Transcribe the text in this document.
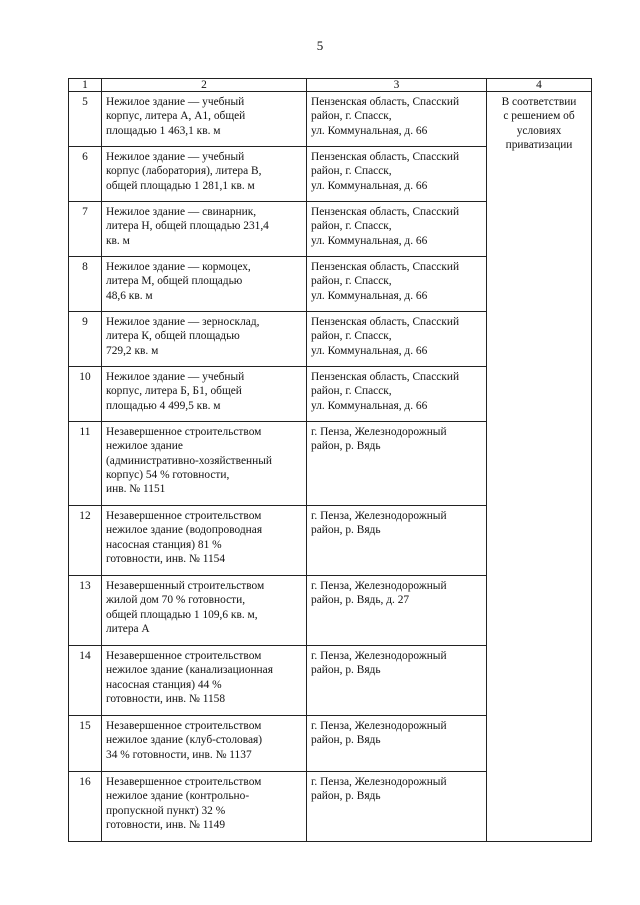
5
1	2	3	4
5	Нежилое здание — учебный
корпус, литера А, А1, общей
площадью 1 463,1 кв. м	Пензенская область, Спасский
район, г. Спасск,
ул. Коммунальная, д. 66	В соответствии
с решением об
условиях
приватизации

6	Нежилое здание — учебный
корпус (лаборатория), литера В,
общей площадью 1 281,1 кв. м	Пензенская область, Спасский
район, г. Спасск,
ул. Коммунальная, д. 66	

7	Нежилое здание — свинарник,
литера Н, общей площадью 231,4
кв. м	Пензенская область, Спасский
район, г. Спасск,
ул. Коммунальная, д. 66	

8	Нежилое здание — кормоцех,
литера М, общей площадью
48,6 кв. м	Пензенская область, Спасский
район, г. Спасск,
ул. Коммунальная, д. 66	

9	Нежилое здание — зерносклад,
литера К, общей площадью
729,2 кв. м	Пензенская область, Спасский
район, г. Спасск,
ул. Коммунальная, д. 66	

10	Нежилое здание — учебный
корпус, литера Б, Б1, общей
площадью 4 499,5 кв. м	Пензенская область, Спасский
район, г. Спасск,
ул. Коммунальная, д. 66	

11	Незавершенное строительством
нежилое здание
(административно-хозяйственный
корпус) 54 % готовности,
инв. № 1151	г. Пенза, Железнодорожный
район, р. Вядь	

12	Незавершенное строительством
нежилое здание (водопроводная
насосная станция) 81 %
готовности, инв. № 1154	г. Пенза, Железнодорожный
район, р. Вядь	

13	Незавершенный строительством
жилой дом 70 % готовности,
общей площадью 1 109,6 кв. м,
литера А	г. Пенза, Железнодорожный
район, р. Вядь, д. 27	

14	Незавершенное строительством
нежилое здание (канализационная
насосная станция) 44 %
готовности, инв. № 1158	г. Пенза, Железнодорожный
район, р. Вядь	

15	Незавершенное строительством
нежилое здание (клуб-столовая)
34 % готовности, инв. № 1137	г. Пенза, Железнодорожный
район, р. Вядь	

16	Незавершенное строительством
нежилое здание (контрольно-
пропускной пункт) 32 %
готовности, инв. № 1149	г. Пенза, Железнодорожный
район, р. Вядь	
